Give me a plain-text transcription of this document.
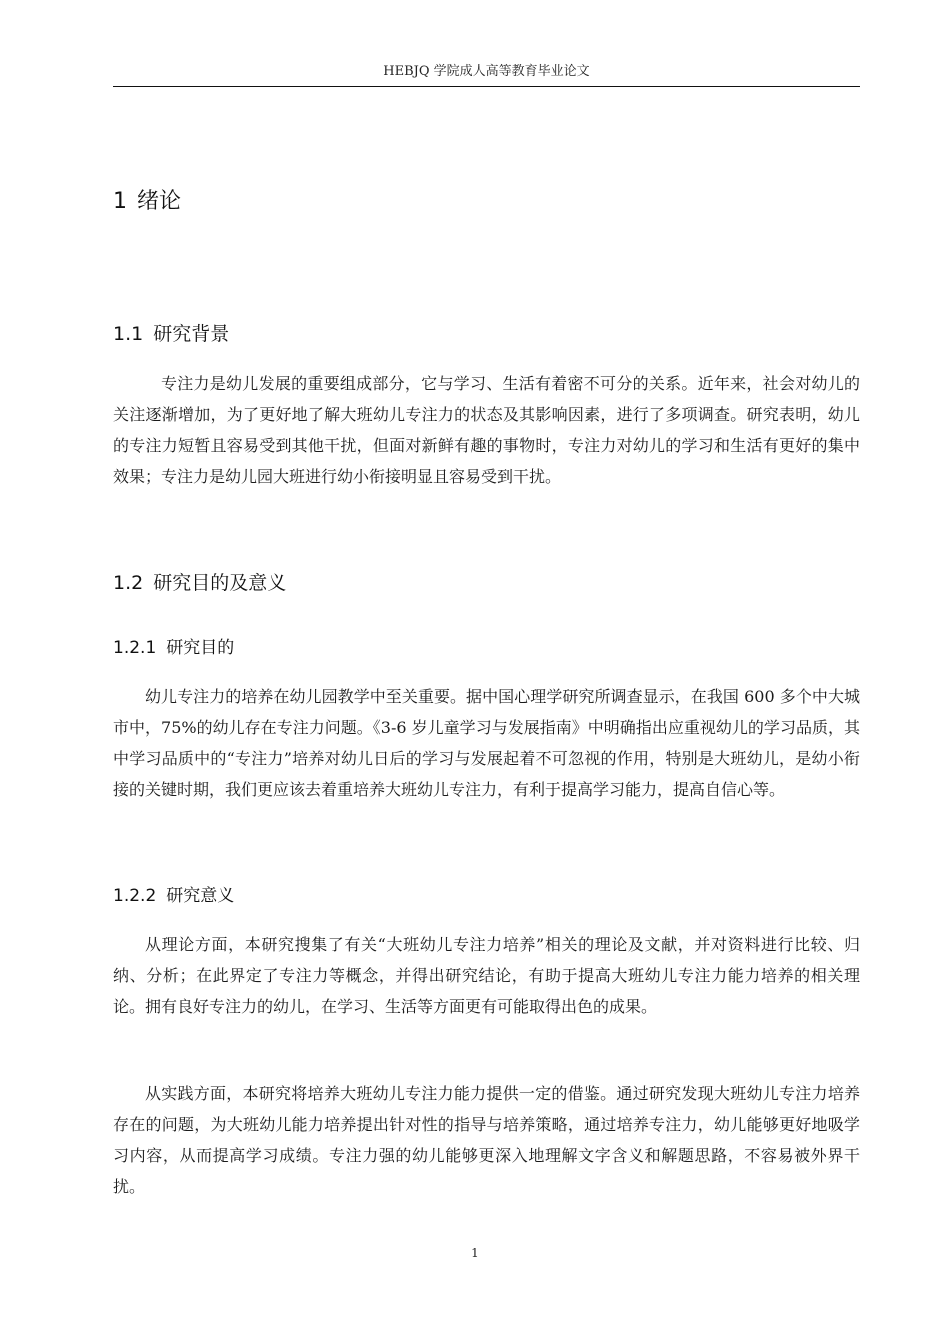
HEBJQ 学院成人高等教育毕业论文
1 绪论
1.1 研究背景

专注力是幼儿发展的重要组成部分，它与学习、生活有着密不可分的关系。近年来，社会对幼儿的关注逐渐增加，为了更好地了解大班幼儿专注力的状态及其影响因素，进行了多项调查。研究表明，幼儿的专注力短暂且容易受到其他干扰，但面对新鲜有趣的事物时，专注力对幼儿的学习和生活有更好的集中效果；专注力是幼儿园大班进行幼小衔接明显且容易受到干扰。

1.2 研究目的及意义
1.2.1 研究目的

幼儿专注力的培养在幼儿园教学中至关重要。据中国心理学研究所调查显示，在我国 600 多个中大城市中，75%的幼儿存在专注力问题。《3-6 岁儿童学习与发展指南》中明确指出应重视幼儿的学习品质，其中学习品质中的“专注力”培养对幼儿日后的学习与发展起着不可忽视的作用，特别是大班幼儿，是幼小衔接的关键时期，我们更应该去着重培养大班幼儿专注力，有利于提高学习能力，提高自信心等。

1.2.2 研究意义

从理论方面，本研究搜集了有关“大班幼儿专注力培养”相关的理论及文献，并对资料进行比较、归纳、分析；在此界定了专注力等概念，并得出研究结论，有助于提高大班幼儿专注力能力培养的相关理论。拥有良好专注力的幼儿，在学习、生活等方面更有可能取得出色的成果。

从实践方面，本研究将培养大班幼儿专注力能力提供一定的借鉴。通过研究发现大班幼儿专注力培养存在的问题，为大班幼儿能力培养提出针对性的指导与培养策略，通过培养专注力，幼儿能够更好地吸学习内容，从而提高学习成绩。专注力强的幼儿能够更深入地理解文字含义和解题思路，不容易被外界干扰。

1
